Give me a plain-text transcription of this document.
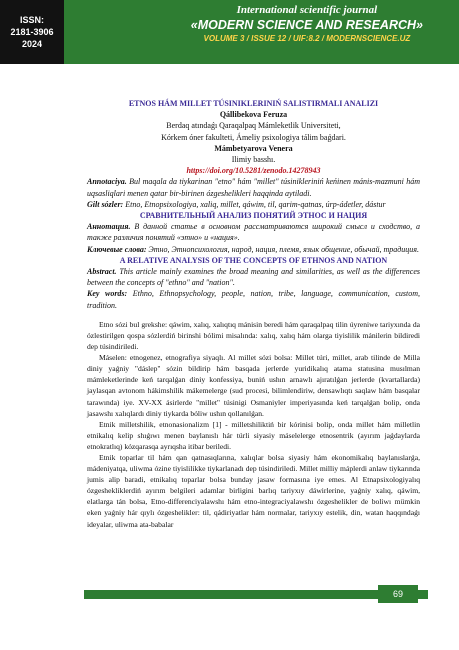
ISSN:
2181-3906
2024
International scientific journal
«MODERN SCIENCE AND RESEARCH»
VOLUME 3 / ISSUE 12 / UIF:8.2 / MODERNSCIENCE.UZ
ETNOS HÁM MILLET TÚSINIKLERINIŃ SALISTIRMALI ANALIZI
Qállibekova Feruza
Berdaq atındaǵı Qaraqalpaq Mámleketlik Universiteti,
Kórkem óner fakulteti, Ámeliy psixologiya tálim baǵdari.
Mámbetyarova Venera
Ilimiy basshı.
https://doi.org/10.5281/zenodo.14278943
Annotaciya. Bul maqala da tiykarinan "etno" hám "millet" túsinikleriniń keńinen mánis-mazmuni hám uqsasliqlari menen qatar bir-birinen ózgeshelikleri haqqinda aytiladi.
Gilt sózler: Etno, Etnopsixologiya, xaliq, millet, qáwim, til, qarim-qatnas, úrp-ádetler, dástur
СРАВНИТЕЛЬНЫЙ АНАЛИЗ ПОНЯТИЙ ЭТНОС И НАЦИЯ
Аннотация. В данной статье в основном рассматриваются широкий смысл и сходство, а также различия понятий «этно» и «нация».
Ключевые слова: Этно, Этнопсихология, народ, нация, племя, язык общение, обычай, традиция.
A RELATIVE ANALYSIS OF THE CONCEPTS OF ETHNOS AND NATION
Abstract. This article mainly examines the broad meaning and similarities, as well as the differences between the concepts of "ethno" and "nation".
Key words: Ethno, Ethnopsychology, people, nation, tribe, language, communication, custom, tradition.

Etno sózi bul grekshe: qáwim, xalıq, xalıqtıq mánisin beredi hám qaraqalpaq tilin úyreniwe tariyxında da ózlestirilgen qospa sózlerdiń birinshi bólimi misalında: xalıq, xalıq hám olarga tiyislilik mánilerin bildiredi dep túsindiriledi.

Máselen: etnogenez, etnografiya siyaqlı. Al millet sózi bolsa: Millet túri, millet, arab tilinde de Milla diniy yaǵniy "dáslep" sózin bildirip hám basqada jerlerde yuridikalıq atama statusina musılman mámleketlerinde keń tarqalǵan diniy konfessiya, buniń ushın arnawlı ajıratılǵan jerlerde (kvartallarda) jaylasqan avtonom hákimshilik mákemelerge (sud procesi, bilimlendiriw, densawlıqtı saqlaw hám basqalar tarawında) iye. XV-XX ásirlerde "millet" túsinigi Osmaniyler imperiyasında keń tarqalǵan bolip, onda jasawshı xalıqlardı diniy tiykarda bóliw ushın qollanılǵan.

Etnik milletshilik, etnonasionalizm [1] - milletshiliktiń bir kórinisi bolip, onda millet hám milletlin etnikalıq kelip shıǵıwı menen baylanıslı hár túrli siyasiy máselelerge etnosentrik (ayırım jaǵdaylarda etnokratlıq) kózqarasqa ayrıqsha itibar beriledi.

Etnik toparlar til hám qan qatnasıqlarına, xalıqlar bolsa siyasiy hám ekonomikalıq baylanıslarǵa, mádeniyatqa, uliwma ózine tiyislilikke tiykarlanadı dep túsindiriledi. Millet milliy máplerdi anlaw tiykarında jumis alip baradi, etnikalıq toparlar bolsa bunday jasaw formasına iye emes. Al Etnapsixologiyalıq ózgeshekliklerdiń ayırım belgileri adamlar birligini barlıq tariyxıy dáwirlerine, yaǵniy xalıq, qáwim, elatlarga tán bolsa, Etno-differenciyalawshı hám etno-integraciyalawshı ózgeshelikler de boliwı mümkin eken yaǵniy hár qıylı ózgeshelikler: til, qádiriyatlar hám normalar, tariyxıy estelik, din, watan haqqındaǵı ideyalar, uliwma ata-babalar

69
